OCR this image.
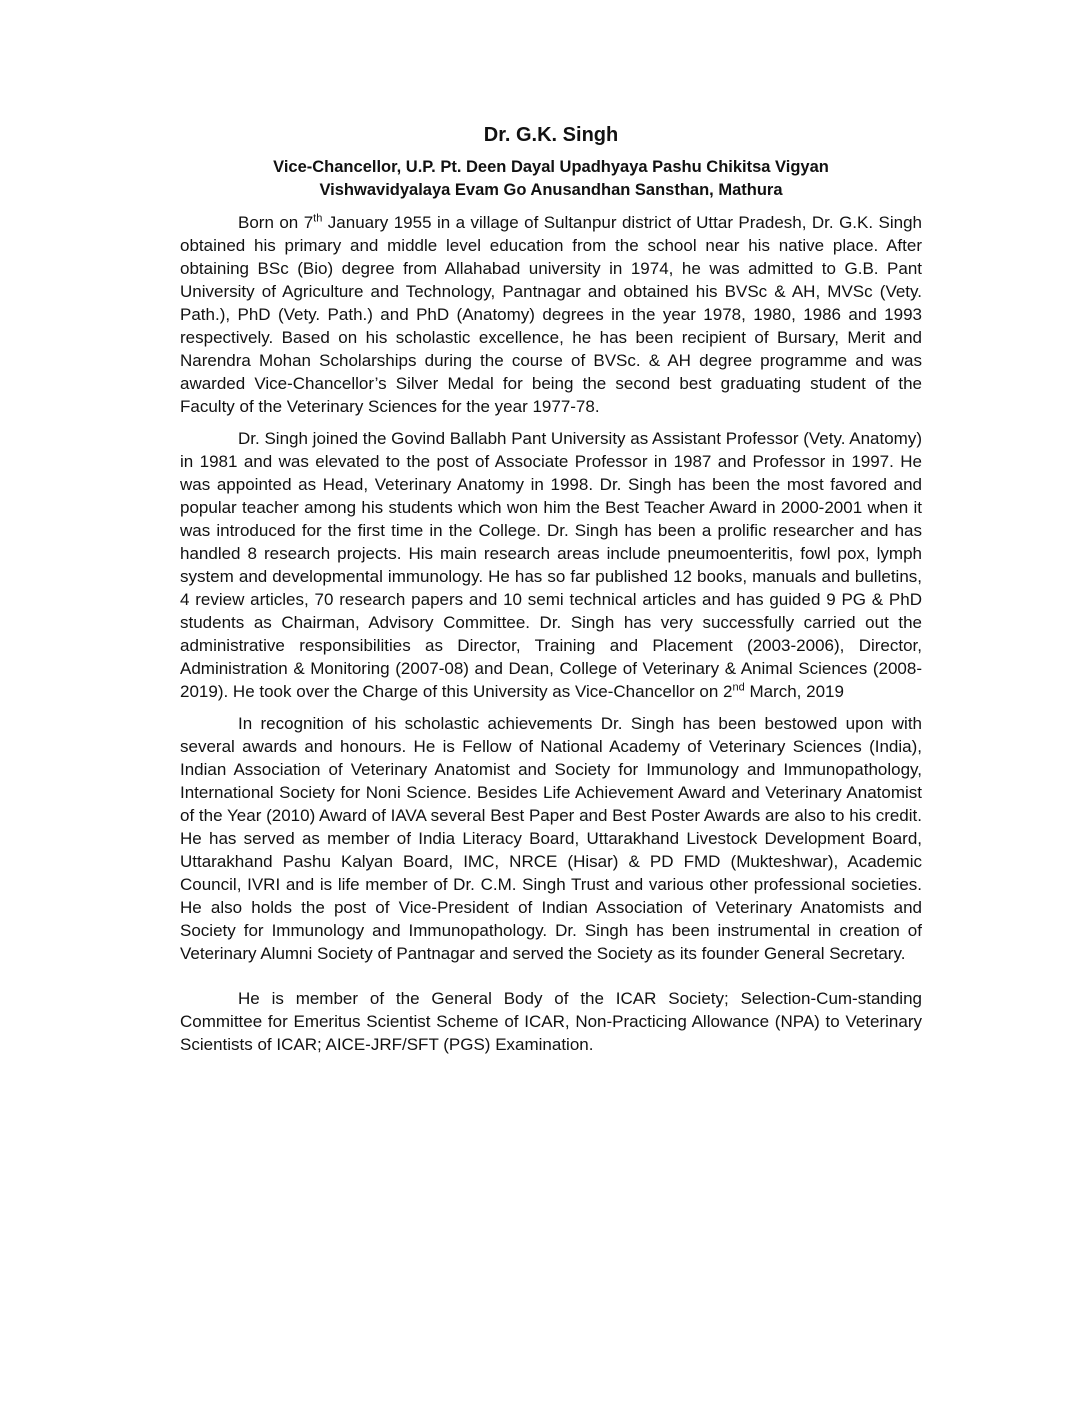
Dr. G.K. Singh
Vice-Chancellor, U.P. Pt. Deen Dayal Upadhyaya Pashu Chikitsa Vigyan
Vishwavidyalaya Evam Go Anusandhan Sansthan, Mathura

Born on 7th January 1955 in a village of Sultanpur district of Uttar Pradesh, Dr. G.K. Singh obtained his primary and middle level education from the school near his native place. After obtaining BSc (Bio) degree from Allahabad university in 1974, he was admitted to G.B. Pant University of Agriculture and Technology, Pantnagar and obtained his BVSc & AH, MVSc (Vety. Path.), PhD (Vety. Path.) and PhD (Anatomy) degrees in the year 1978, 1980, 1986 and 1993 respectively. Based on his scholastic excellence, he has been recipient of Bursary, Merit and Narendra Mohan Scholarships during the course of BVSc. & AH degree programme and was awarded Vice-Chancellor’s Silver Medal for being the second best graduating student of the Faculty of the Veterinary Sciences for the year 1977-78.

Dr. Singh joined the Govind Ballabh Pant University as Assistant Professor (Vety. Anatomy) in 1981 and was elevated to the post of Associate Professor in 1987 and Professor in 1997. He was appointed as Head, Veterinary Anatomy in 1998. Dr. Singh has been the most favored and popular teacher among his students which won him the Best Teacher Award in 2000-2001 when it was introduced for the first time in the College. Dr. Singh has been a prolific researcher and has handled 8 research projects. His main research areas include pneumoenteritis, fowl pox, lymph system and developmental immunology. He has so far published 12 books, manuals and bulletins, 4 review articles, 70 research papers and 10 semi technical articles and has guided 9 PG & PhD students as Chairman, Advisory Committee. Dr. Singh has very successfully carried out the administrative responsibilities as Director, Training and Placement (2003-2006), Director, Administration & Monitoring (2007-08) and Dean, College of Veterinary & Animal Sciences (2008-2019). He took over the Charge of this University as Vice-Chancellor on 2nd March, 2019

In recognition of his scholastic achievements Dr. Singh has been bestowed upon with several awards and honours. He is Fellow of National Academy of Veterinary Sciences (India), Indian Association of Veterinary Anatomist and Society for Immunology and Immunopathology, International Society for Noni Science. Besides Life Achievement Award and Veterinary Anatomist of the Year (2010) Award of IAVA several Best Paper and Best Poster Awards are also to his credit. He has served as member of India Literacy Board, Uttarakhand Livestock Development Board, Uttarakhand Pashu Kalyan Board, IMC, NRCE (Hisar) & PD FMD (Mukteshwar), Academic Council, IVRI and is life member of Dr. C.M. Singh Trust and various other professional societies. He also holds the post of Vice-President of Indian Association of Veterinary Anatomists and Society for Immunology and Immunopathology. Dr. Singh has been instrumental in creation of Veterinary Alumni Society of Pantnagar and served the Society as its founder General Secretary.

He is member of the General Body of the ICAR Society; Selection-Cum-standing Committee for Emeritus Scientist Scheme of ICAR, Non-Practicing Allowance (NPA) to Veterinary Scientists of ICAR; AICE-JRF/SFT (PGS) Examination.
